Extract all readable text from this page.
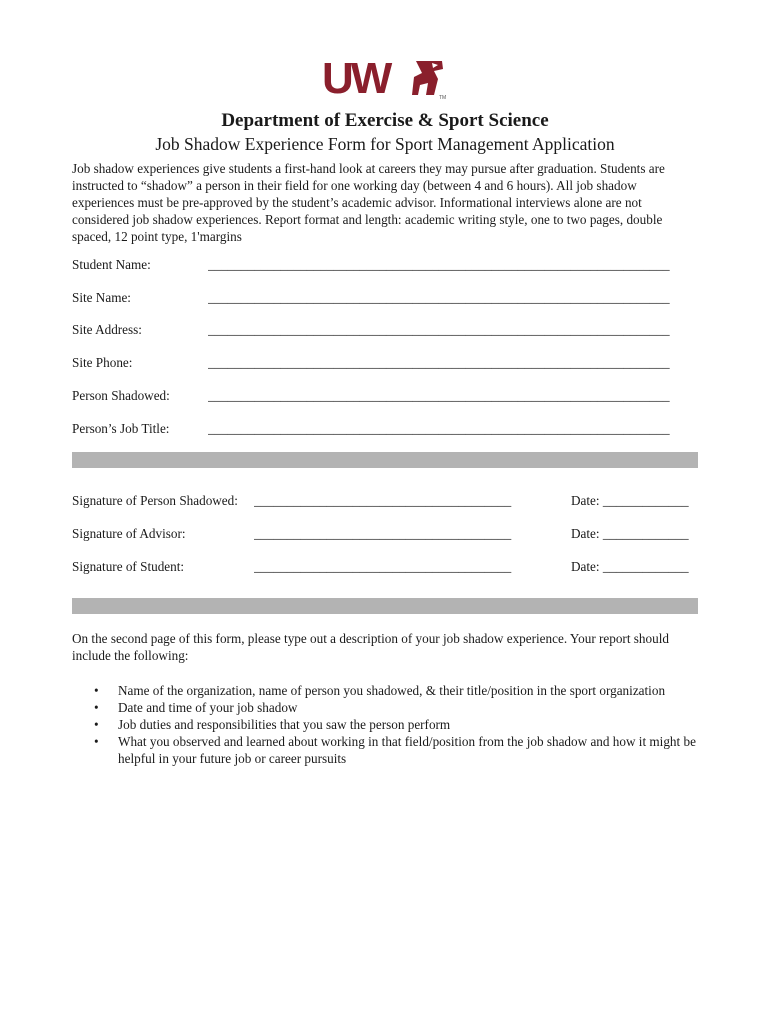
UW	TM
Department of Exercise & Sport Science
Job Shadow Experience Form for Sport Management Application

Job shadow experiences give students a first-hand look at careers they may pursue after graduation. Students are instructed to “shadow” a person in their field for one working day (between 4 and 6 hours). All job shadow experiences must be pre-approved by the student’s academic advisor. Informational interviews alone are not considered job shadow experiences. Report format and length: academic writing style, one to two pages, double spaced, 12 point type, 1'margins

Student Name:	______________________________________________________________________
Site Name:	______________________________________________________________________
Site Address:	______________________________________________________________________
Site Phone:	______________________________________________________________________
Person Shadowed:	______________________________________________________________________
Person’s Job Title:	______________________________________________________________________
Signature of Person Shadowed: _______________________________________	Date: _____________
Signature of Advisor:	_______________________________________	Date: _____________
Signature of Student:	_______________________________________	Date: _____________

On the second page of this form, please type out a description of your job shadow experience. Your report should include the following:

• Name of the organization, name of person you shadowed, & their title/position in the sport organization
• Date and time of your job shadow
• Job duties and responsibilities that you saw the person perform
• What you observed and learned about working in that field/position from the job shadow and how it might be helpful in your future job or career pursuits
